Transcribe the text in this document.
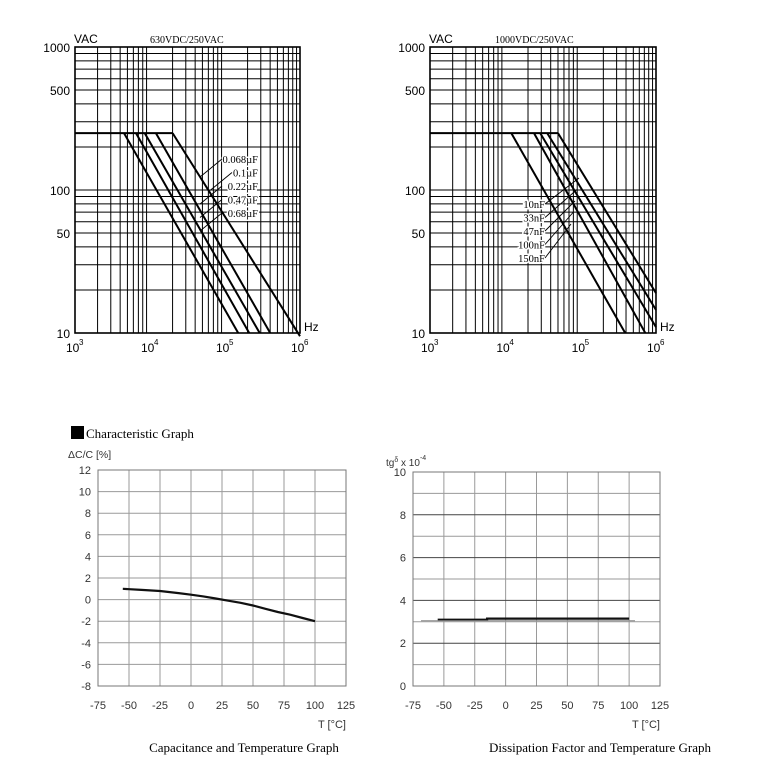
Characteristic Graph
10
50
100
500
1000
10 3	10 4	10 5	10 6
VAC
Hz
630VDC/250VAC
0.068µF
0.1µF
0.22µF
0.47µF
0.68µF
10
50
100
500
1000
10 3	10 4	10 5	10 6
VAC
Hz
1000VDC/250VAC
10nF
33nF
47nF
100nF
150nF
12
10
8
6
4
2
0
-2
-4
-6
-8
-75 -50 -25 0 25 50 75 100 125
T [°C]
ΔC/C [%]
Capacitance and Temperature Graph
0
2
4
6
8
10
-75 -50 -25 0 25 50 75 100 125
T [°C]
$tg^\delta$ x $10^{-4}$
Dissipation Factor and Temperature Graph
